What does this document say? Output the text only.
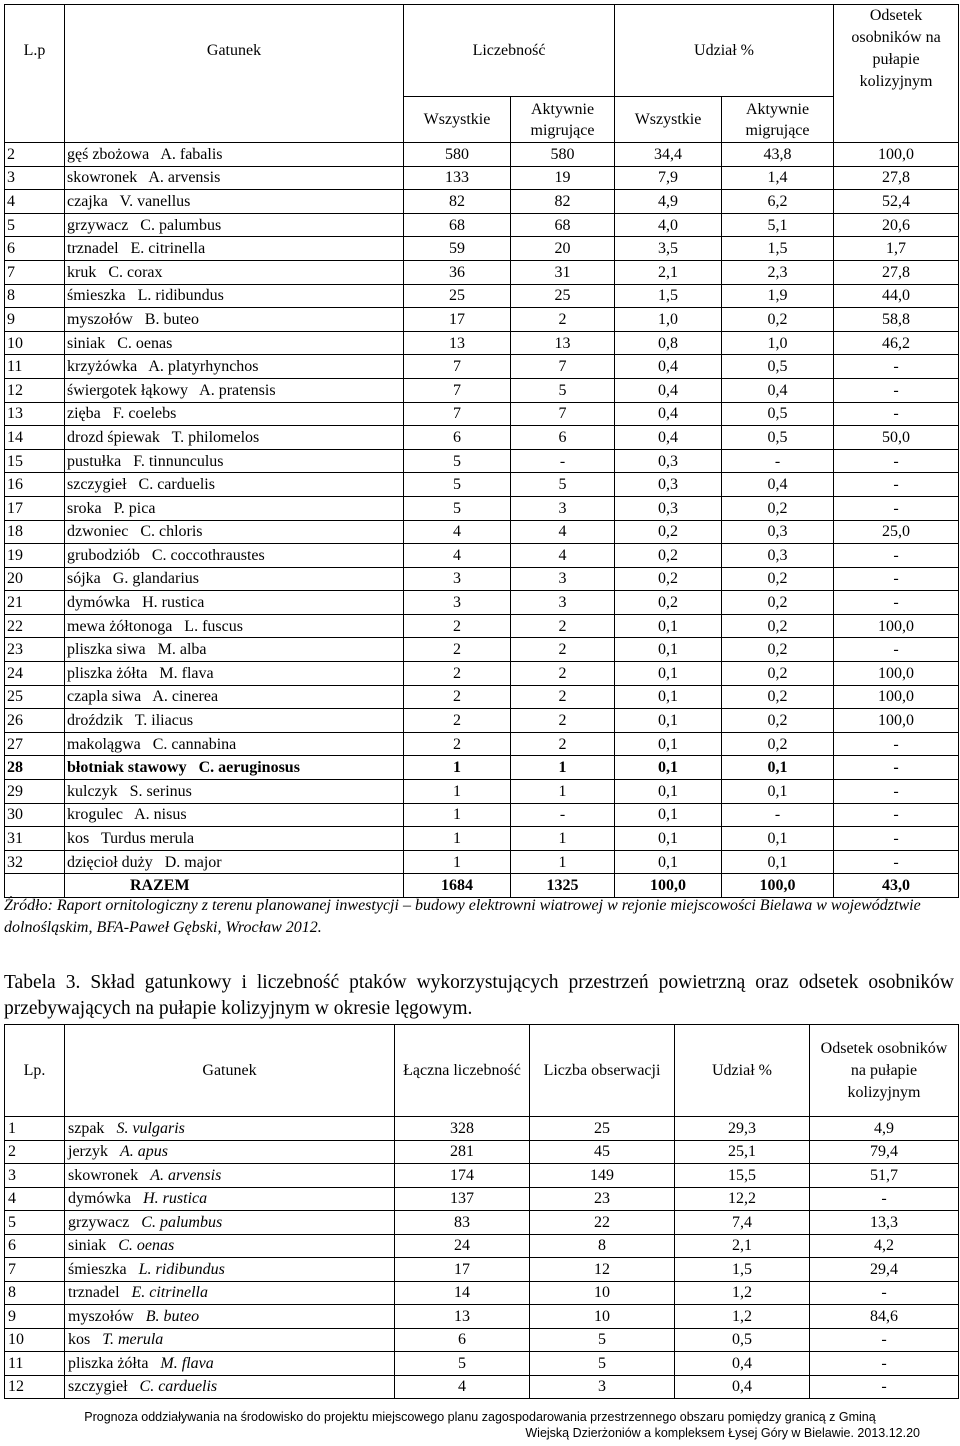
L.p	Gatunek	Liczebność		Udział %		Odsetek osobników na pułapie kolizyjnym
		Wszystkie	Aktywnie migrujące	Wszystkie	Aktywnie migrujące	
2	gęś zbożowa A. fabalis	580	580	34,4	43,8	100,0
3	skowronek A. arvensis	133	19	7,9	1,4	27,8
4	czajka V. vanellus	82	82	4,9	6,2	52,4
5	grzywacz C. palumbus	68	68	4,0	5,1	20,6
6	trznadel E. citrinella	59	20	3,5	1,5	1,7
7	kruk C. corax	36	31	2,1	2,3	27,8
8	śmieszka L. ridibundus	25	25	1,5	1,9	44,0
9	myszołów B. buteo	17	2	1,0	0,2	58,8
10	siniak C. oenas	13	13	0,8	1,0	46,2
11	krzyżówka A. platyrhynchos	7	7	0,4	0,5	-
12	świergotek łąkowy A. pratensis	7	5	0,4	0,4	-
13	zięba F. coelebs	7	7	0,4	0,5	-
14	drozd śpiewak T. philomelos	6	6	0,4	0,5	50,0
15	pustułka F. tinnunculus	5	-	0,3	-	-
16	szczygieł C. carduelis	5	5	0,3	0,4	-
17	sroka P. pica	5	3	0,3	0,2	-
18	dzwoniec C. chloris	4	4	0,2	0,3	25,0
19	grubodziób C. coccothraustes	4	4	0,2	0,3	-
20	sójka G. glandarius	3	3	0,2	0,2	-
21	dymówka H. rustica	3	3	0,2	0,2	-
22	mewa żółtonoga L. fuscus	2	2	0,1	0,2	100,0
23	pliszka siwa M. alba	2	2	0,1	0,2	-
24	pliszka żółta M. flava	2	2	0,1	0,2	100,0
25	czapla siwa A. cinerea	2	2	0,1	0,2	100,0
26	droździk T. iliacus	2	2	0,1	0,2	100,0
27	makolągwa C. cannabina	2	2	0,1	0,2	-
28	błotniak stawowy C. aeruginosus	1	1	0,1	0,1	-
29	kulczyk S. serinus	1	1	0,1	0,1	-
30	krogulec A. nisus	1	-	0,1	-	-
31	kos Turdus merula	1	1	0,1	0,1	-
32	dzięcioł duży D. major	1	1	0,1	0,1	-
	RAZEM	1684	1325	100,0	100,0	43,0
Źródło: Raport ornitologiczny z terenu planowanej inwestycji – budowy elektrowni wiatrowej w rejonie miejscowości Bielawa w województwie dolnośląskim, BFA-Paweł Gębski, Wrocław 2012.
Tabela 3. Skład gatunkowy i liczebność ptaków wykorzystujących przestrzeń powietrzną oraz odsetek osobników przebywających na pułapie kolizyjnym w okresie lęgowym.
Lp.	Gatunek	Łączna liczebność	Liczba obserwacji	Udział %	Odsetek osobników na pułapie kolizyjnym
1	szpak S. vulgaris	328	25	29,3	4,9
2	jerzyk A. apus	281	45	25,1	79,4
3	skowronek A. arvensis	174	149	15,5	51,7
4	dymówka H. rustica	137	23	12,2	-
5	grzywacz C. palumbus	83	22	7,4	13,3
6	siniak C. oenas	24	8	2,1	4,2
7	śmieszka L. ridibundus	17	12	1,5	29,4
8	trznadel E. citrinella	14	10	1,2	-
9	myszołów B. buteo	13	10	1,2	84,6
10	kos T. merula	6	5	0,5	-
11	pliszka żółta M. flava	5	5	0,4	-
12	szczygieł C. carduelis	4	3	0,4	-
Prognoza oddziaływania na środowisko do projektu miejscowego planu zagospodarowania przestrzennego obszaru pomiędzy granicą z Gminą
Wiejską Dzierżoniów a kompleksem Łysej Góry w Bielawie. 2013.12.20
